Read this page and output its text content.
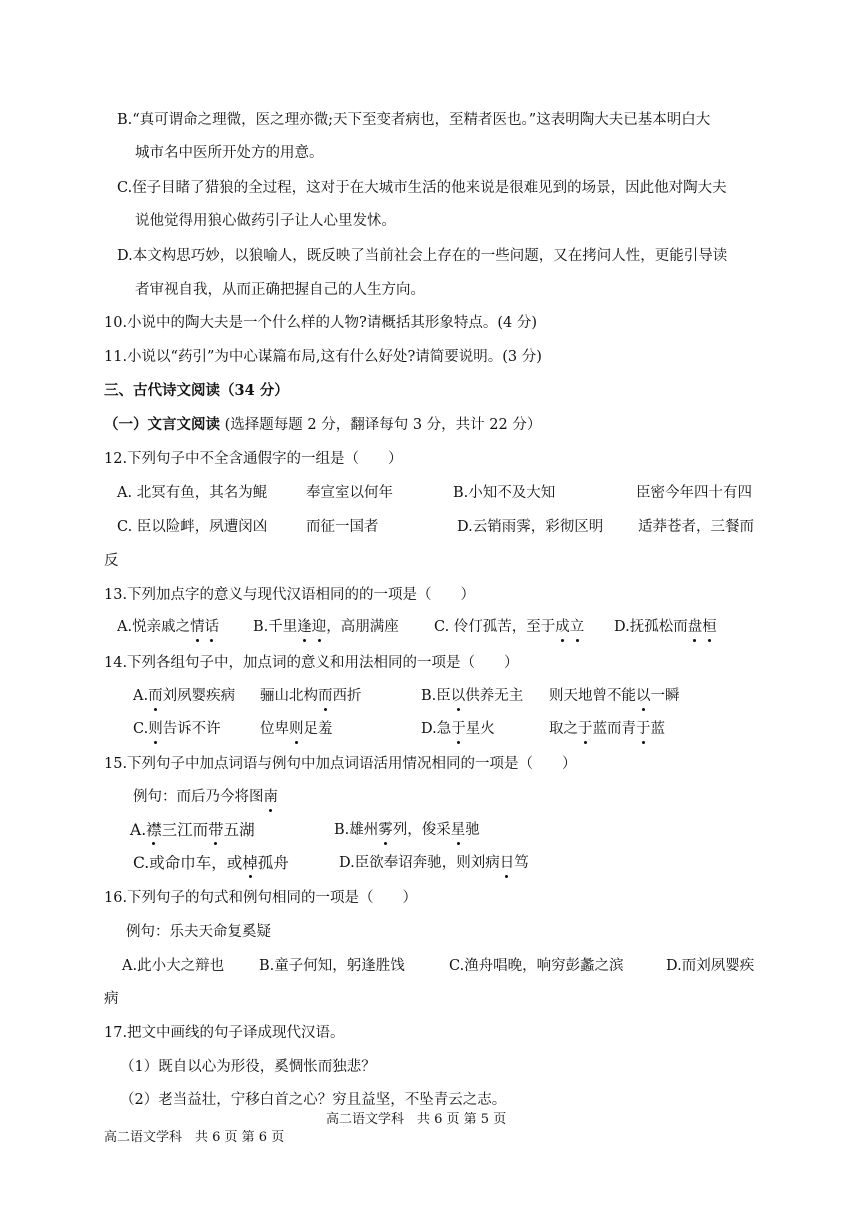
B.“真可谓命之理微，医之理亦微;天下至变者病也，至精者医也。”这表明陶大夫已基本明白大
城市名中医所开处方的用意。
C.侄子目睹了猎狼的全过程，这对于在大城市生活的他来说是很难见到的场景，因此他对陶大夫
说他觉得用狼心做药引子让人心里发怵。
D.本文构思巧妙，以狼喻人，既反映了当前社会上存在的一些问题，又在拷问人性，更能引导读
者审视自我，从而正确把握自己的人生方向。
10.小说中的陶大夫是一个什么样的人物?请概括其形象特点。(4 分)
11.小说以“药引”为中心谋篇布局,这有什么好处?请简要说明。(3 分)
三、古代诗文阅读（34 分）
（一）文言文阅读 (选择题每题 2 分，翻译每句 3 分，共计 22 分）
12.下列句子中不全含通假字的一组是（　　）
A. 北冥有鱼，其名为鲲	奉宣室以何年	B.小知不及大知	臣密今年四十有四
C. 臣以险衅，夙遭闵凶	而征一国者	D.云销雨霁，彩彻区明 适莽苍者，三餐而
反
13.下列加点字的意义与现代汉语相同的的一项是（　　）
A.悦亲戚之情话 B.千里逢迎，高朋满座 C. 伶仃孤苦，至于成立 D.抚孤松而盘桓
14.下列各组句子中，加点词的意义和用法相同的一项是（　　）
A.而刘夙婴疾病 骊山北构而西折	B.臣以供养无主 则天地曾不能以一瞬
C.则告诉不许	位卑则足羞	D.急于星火	取之于蓝而青于蓝
15.下列句子中加点词语与例句中加点词语活用情况相同的一项是（　　）
例句：而后乃今将图南
A.襟三江而带五湖	B.雄州雾列，俊采星驰
C.或命巾车，或棹孤舟	D.臣欲奉诏奔驰，则刘病日笃
16.下列句子的句式和例句相同的一项是（　　）
例句：乐夫天命复奚疑
A.此小大之辩也 B.童子何知，躬逢胜饯	C.渔舟唱晚，响穷彭蠡之滨	D.而刘夙婴疾
病
17.把文中画线的句子译成现代汉语。
（1）既自以心为形役，奚惆怅而独悲？
（2）老当益壮，宁移白首之心？穷且益坚，不坠青云之志。
高二语文学科　共 6 页 第 5 页
高二语文学科　共 6 页 第 6 页
